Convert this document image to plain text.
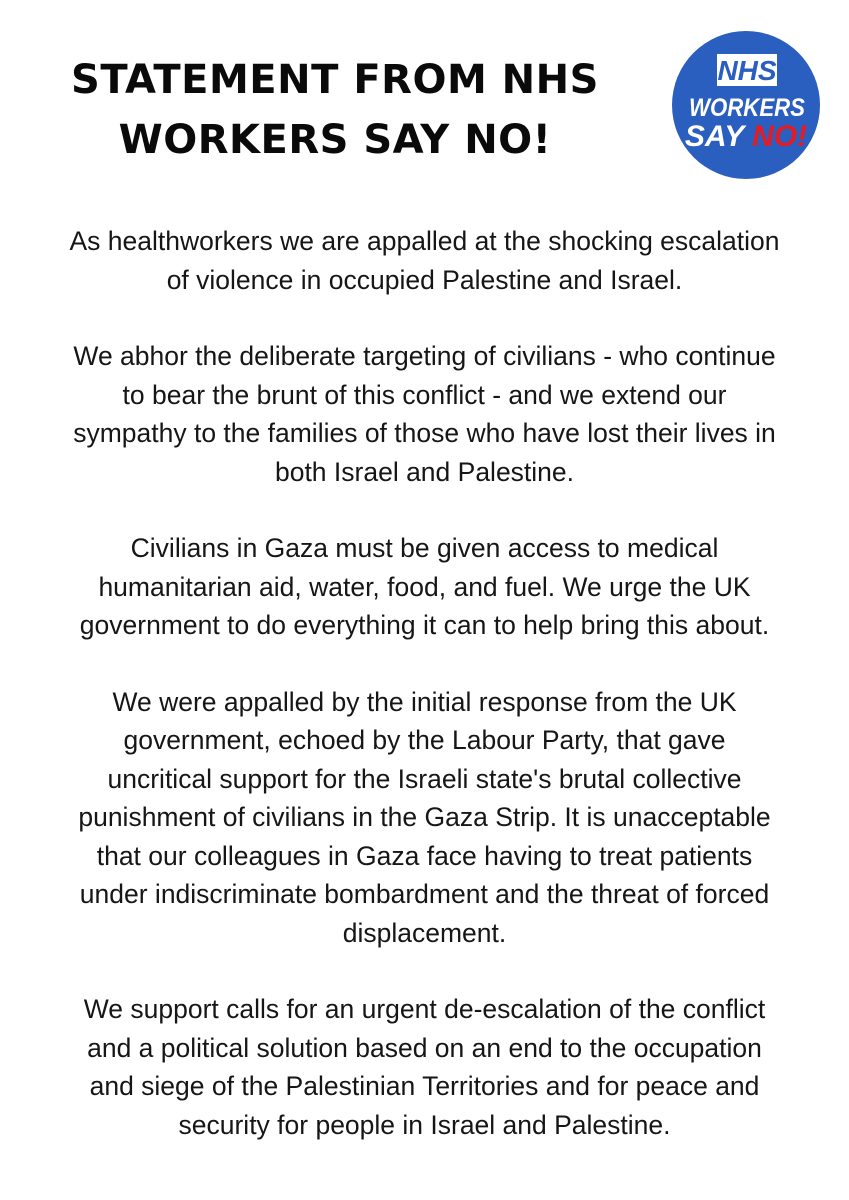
STATEMENT FROM NHS
WORKERS SAY NO!
NHS
WORKERS
SAY NO!

As healthworkers we are appalled at the shocking escalation
of violence in occupied Palestine and Israel.

We abhor the deliberate targeting of civilians - who continue
to bear the brunt of this conflict - and we extend our
sympathy to the families of those who have lost their lives in
both Israel and Palestine.

Civilians in Gaza must be given access to medical
humanitarian aid, water, food, and fuel. We urge the UK
government to do everything it can to help bring this about.

We were appalled by the initial response from the UK
government, echoed by the Labour Party, that gave
uncritical support for the Israeli state's brutal collective
punishment of civilians in the Gaza Strip. It is unacceptable
that our colleagues in Gaza face having to treat patients
under indiscriminate bombardment and the threat of forced
displacement.

We support calls for an urgent de-escalation of the conflict
and a political solution based on an end to the occupation
and siege of the Palestinian Territories and for peace and
security for people in Israel and Palestine.
